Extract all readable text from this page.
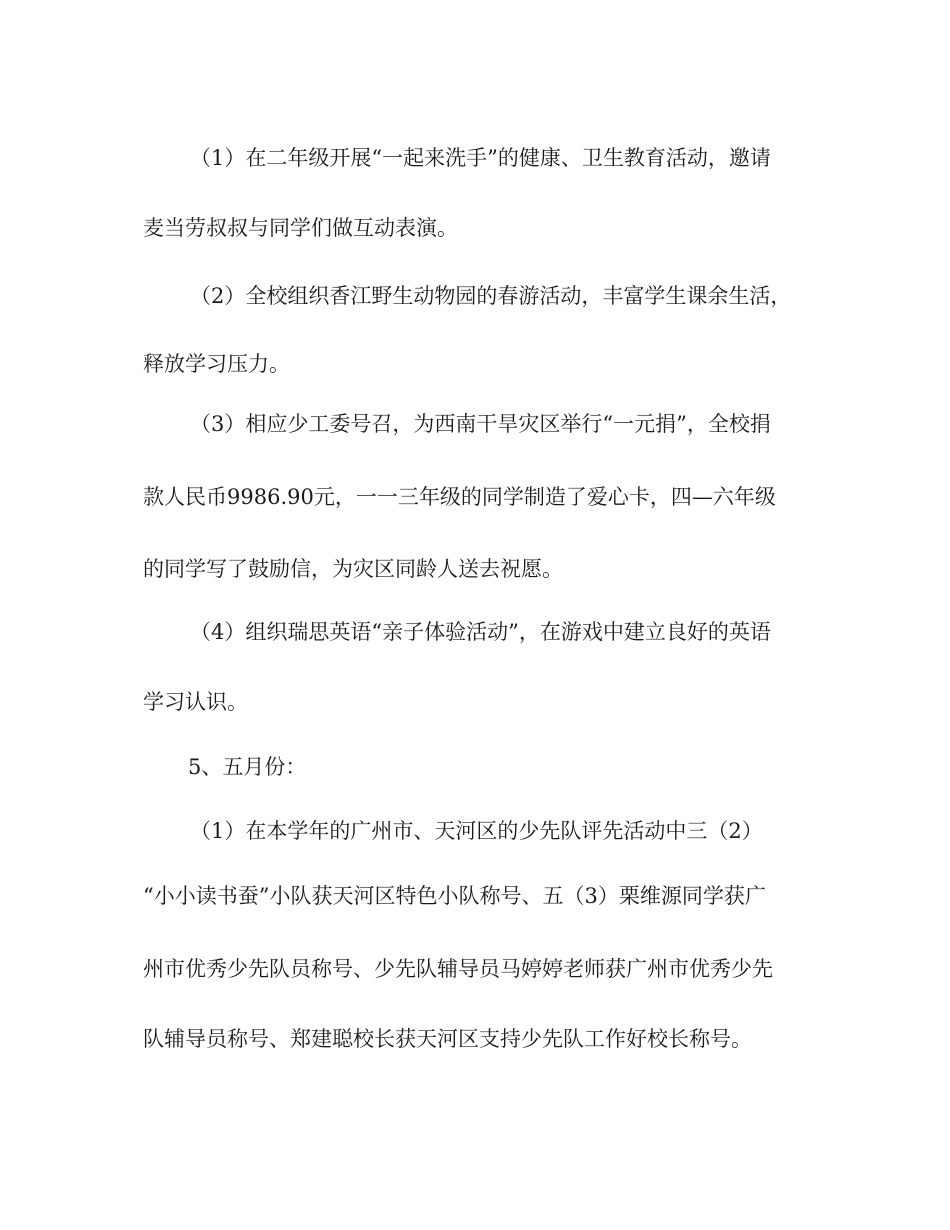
（1）在二年级开展“一起来洗手”的健康、卫生教育活动，邀请
麦当劳叔叔与同学们做互动表演。
（2）全校组织香江野生动物园的春游活动，丰富学生课余生活，
释放学习压力。
（3）相应少工委号召，为西南干旱灾区举行“一元捐”，全校捐
款人民币9986.90元，一一三年级的同学制造了爱心卡，四—六年级
的同学写了鼓励信，为灾区同龄人送去祝愿。
（4）组织瑞思英语“亲子体验活动”，在游戏中建立良好的英语
学习认识。
5、五月份：
（1）在本学年的广州市、天河区的少先队评先活动中三（2）
“小小读书蚕”小队获天河区特色小队称号、五（3）栗维源同学获广
州市优秀少先队员称号、少先队辅导员马婷婷老师获广州市优秀少先
队辅导员称号、郑建聪校长获天河区支持少先队工作好校长称号。
